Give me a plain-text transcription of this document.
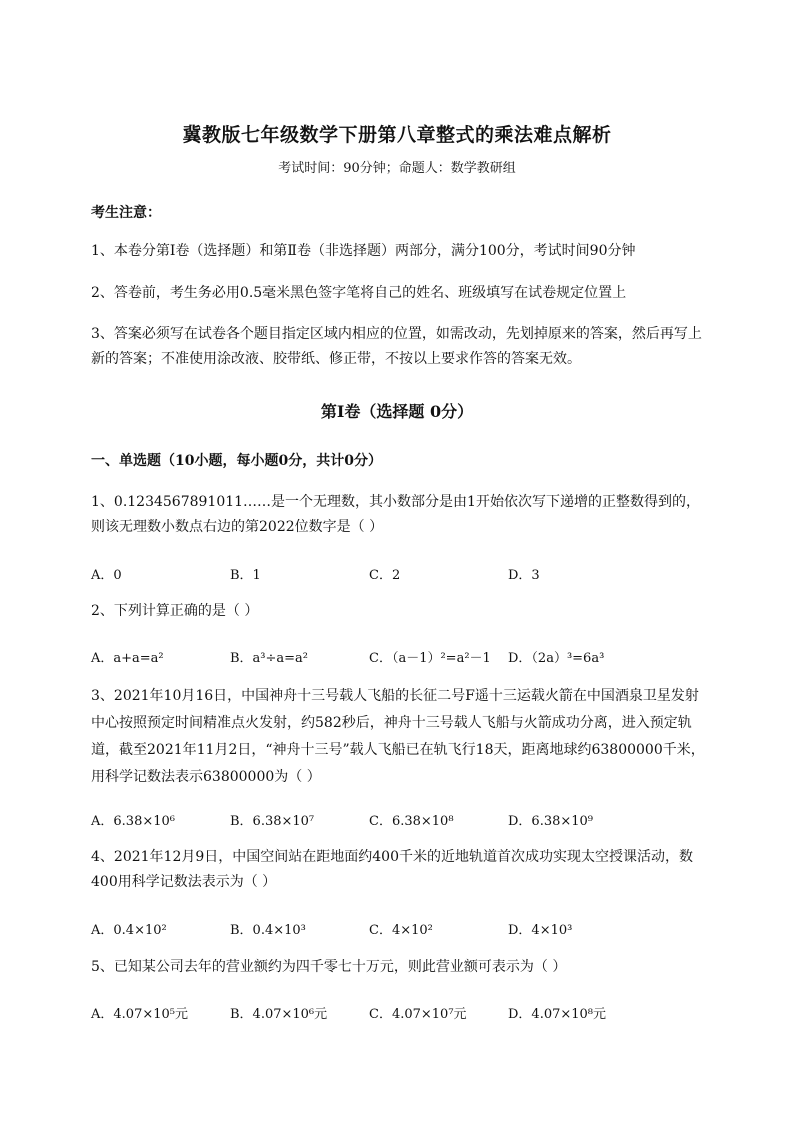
冀教版七年级数学下册第八章整式的乘法难点解析
考试时间：90分钟；命题人：数学教研组
考生注意：
1、本卷分第I卷（选择题）和第Ⅱ卷（非选择题）两部分，满分100分，考试时间90分钟
2、答卷前，考生务必用0.5毫米黑色签字笔将自己的姓名、班级填写在试卷规定位置上
3、答案必须写在试卷各个题目指定区域内相应的位置，如需改动，先划掉原来的答案，然后再写上新的答案；不准使用涂改液、胶带纸、修正带，不按以上要求作答的答案无效。
第I卷（选择题 0分）
一、单选题（10小题，每小题0分，共计0分）
1、0.1234567891011……是一个无理数，其小数部分是由1开始依次写下递增的正整数得到的，则该无理数小数点右边的第2022位数字是（ ）
A．0	B．1	C．2	D．3
2、下列计算正确的是（ ）
A．a+a=a²	B．a³÷a=a²	C．（a－1）²=a²－1 D．（2a）³=6a³
3、2021年10月16日，中国神舟十三号载人飞船的长征二号F遥十三运载火箭在中国酒泉卫星发射中心按照预定时间精准点火发射，约582秒后，神舟十三号载人飞船与火箭成功分离，进入预定轨道，截至2021年11月2日，“神舟十三号”载人飞船已在轨飞行18天，距离地球约63800000千米，用科学记数法表示63800000为（ ）
A．6.38×10⁶	B．6.38×10⁷	C．6.38×10⁸	D．6.38×10⁹
4、2021年12月9日，中国空间站在距地面约400千米的近地轨道首次成功实现太空授课活动，数400用科学记数法表示为（ ）
A．0.4×10²	B．0.4×10³	C．4×10²	D．4×10³
5、已知某公司去年的营业额约为四千零七十万元，则此营业额可表示为（ ）
A．4.07×10⁵元	B．4.07×10⁶元	C．4.07×10⁷元	D．4.07×10⁸元
